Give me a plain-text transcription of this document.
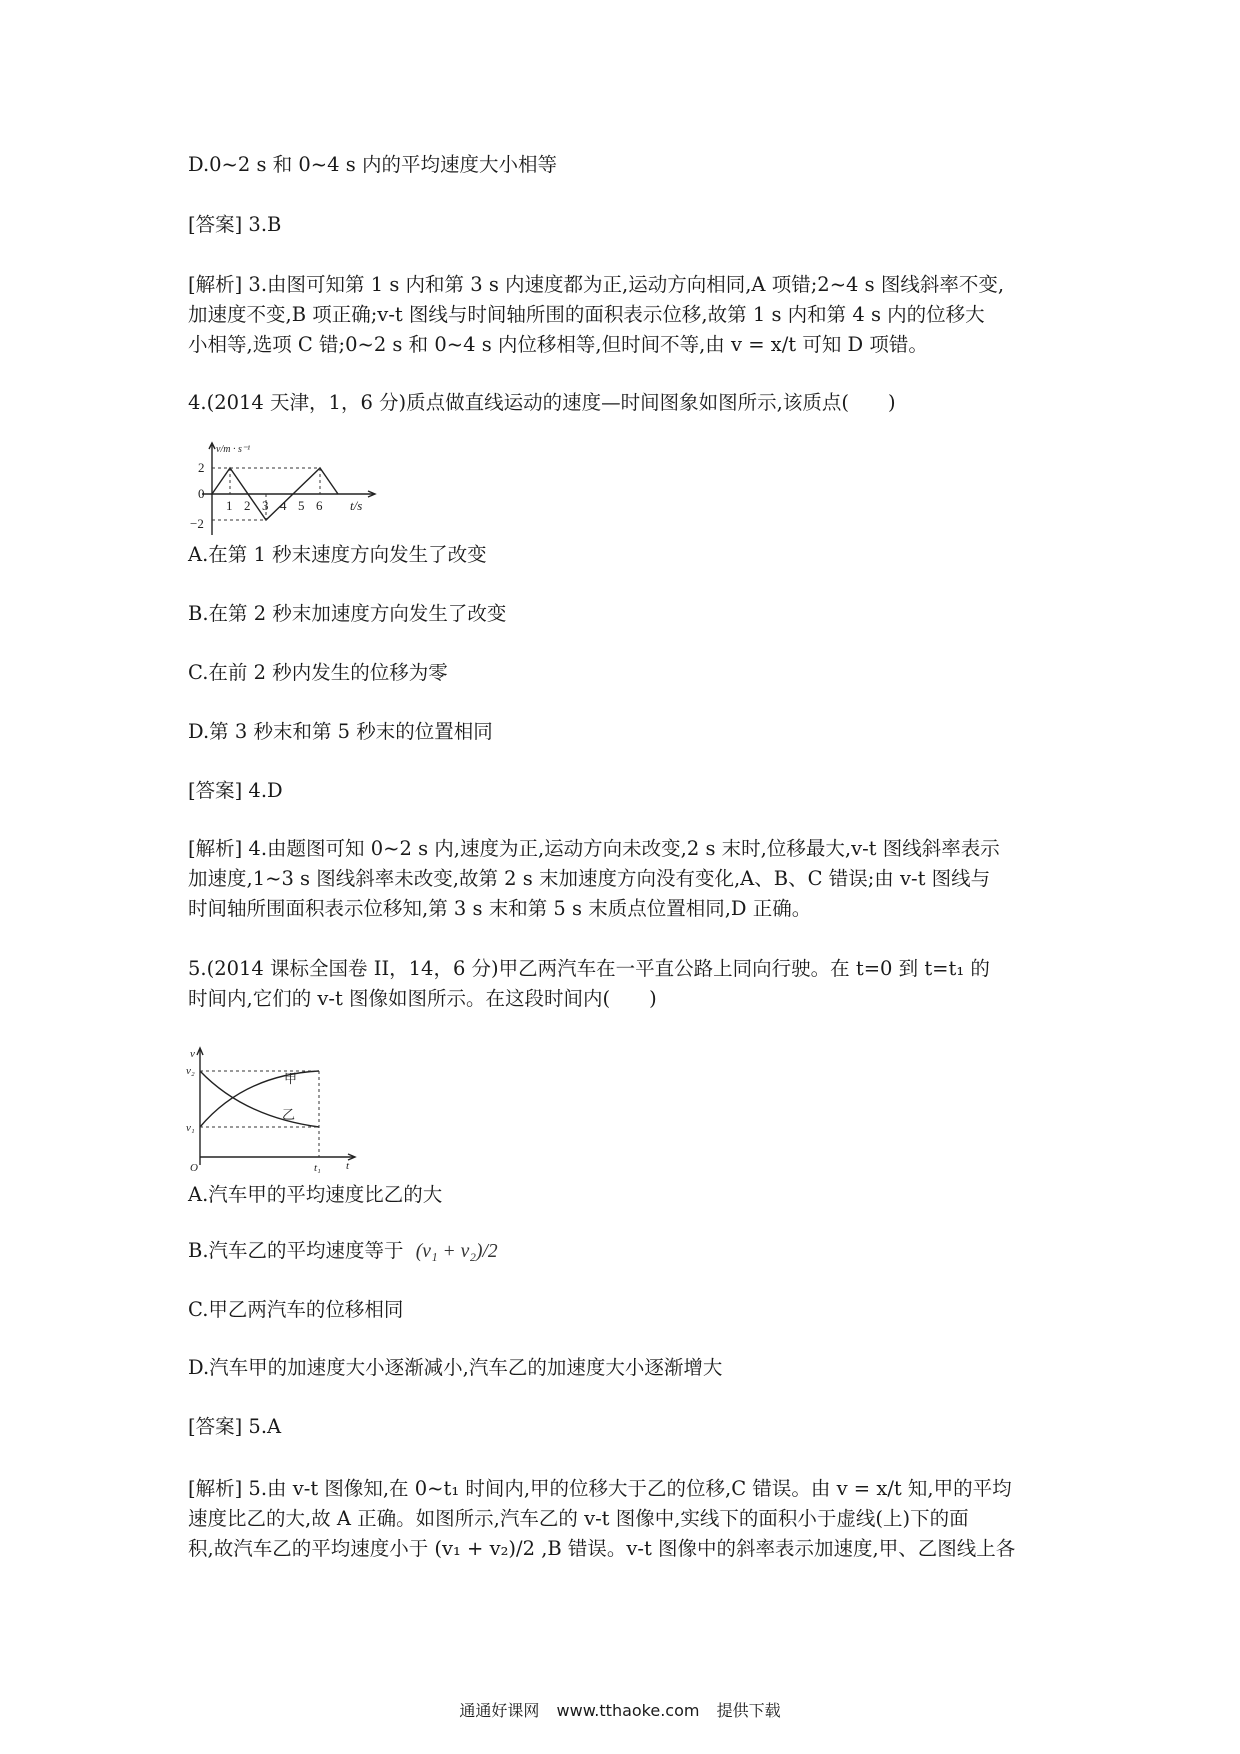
D.0~2 s 和 0~4 s 内的平均速度大小相等
[答案] 3.B
[解析] 3.由图可知第 1 s 内和第 3 s 内速度都为正,运动方向相同,A 项错;2~4 s 图线斜率不变,
加速度不变,B 项正确;v-t 图线与时间轴所围的面积表示位移,故第 1 s 内和第 4 s 内的位移大
小相等,选项 C 错;0~2 s 和 0~4 s 内位移相等,但时间不等,由 v = x/t 可知 D 项错。
4.(2014 天津，1，6 分)质点做直线运动的速度—时间图象如图所示,该质点(　　)
v/m · s⁻¹
2
0
−2
1 2 3 4 5 6 t/s
A.在第 1 秒末速度方向发生了改变
B.在第 2 秒末加速度方向发生了改变
C.在前 2 秒内发生的位移为零
D.第 3 秒末和第 5 秒末的位置相同
[答案] 4.D
[解析] 4.由题图可知 0~2 s 内,速度为正,运动方向未改变,2 s 末时,位移最大,v-t 图线斜率表示
加速度,1~3 s 图线斜率未改变,故第 2 s 末加速度方向没有变化,A、B、C 错误;由 v-t 图线与
时间轴所围面积表示位移知,第 3 s 末和第 5 s 末质点位置相同,D 正确。
5.(2014 课标全国卷 II，14，6 分)甲乙两汽车在一平直公路上同向行驶。在 t=0 到 t=t₁ 的
时间内,它们的 v-t 图像如图所示。在这段时间内(　　)
v
v₂
v₁
O	t₁ t
甲
乙
A.汽车甲的平均速度比乙的大
B.汽车乙的平均速度等于 (v₁ + v₂)/2
C.甲乙两汽车的位移相同
D.汽车甲的加速度大小逐渐减小,汽车乙的加速度大小逐渐增大
[答案] 5.A
[解析] 5.由 v-t 图像知,在 0~t₁ 时间内,甲的位移大于乙的位移,C 错误。由 v = x/t 知,甲的平均
速度比乙的大,故 A 正确。如图所示,汽车乙的 v-t 图像中,实线下的面积小于虚线(上)下的面
积,故汽车乙的平均速度小于 (v₁ + v₂)/2 ,B 错误。v-t 图像中的斜率表示加速度,甲、乙图线上各
通通好课网 www.tthaoke.com 提供下载
